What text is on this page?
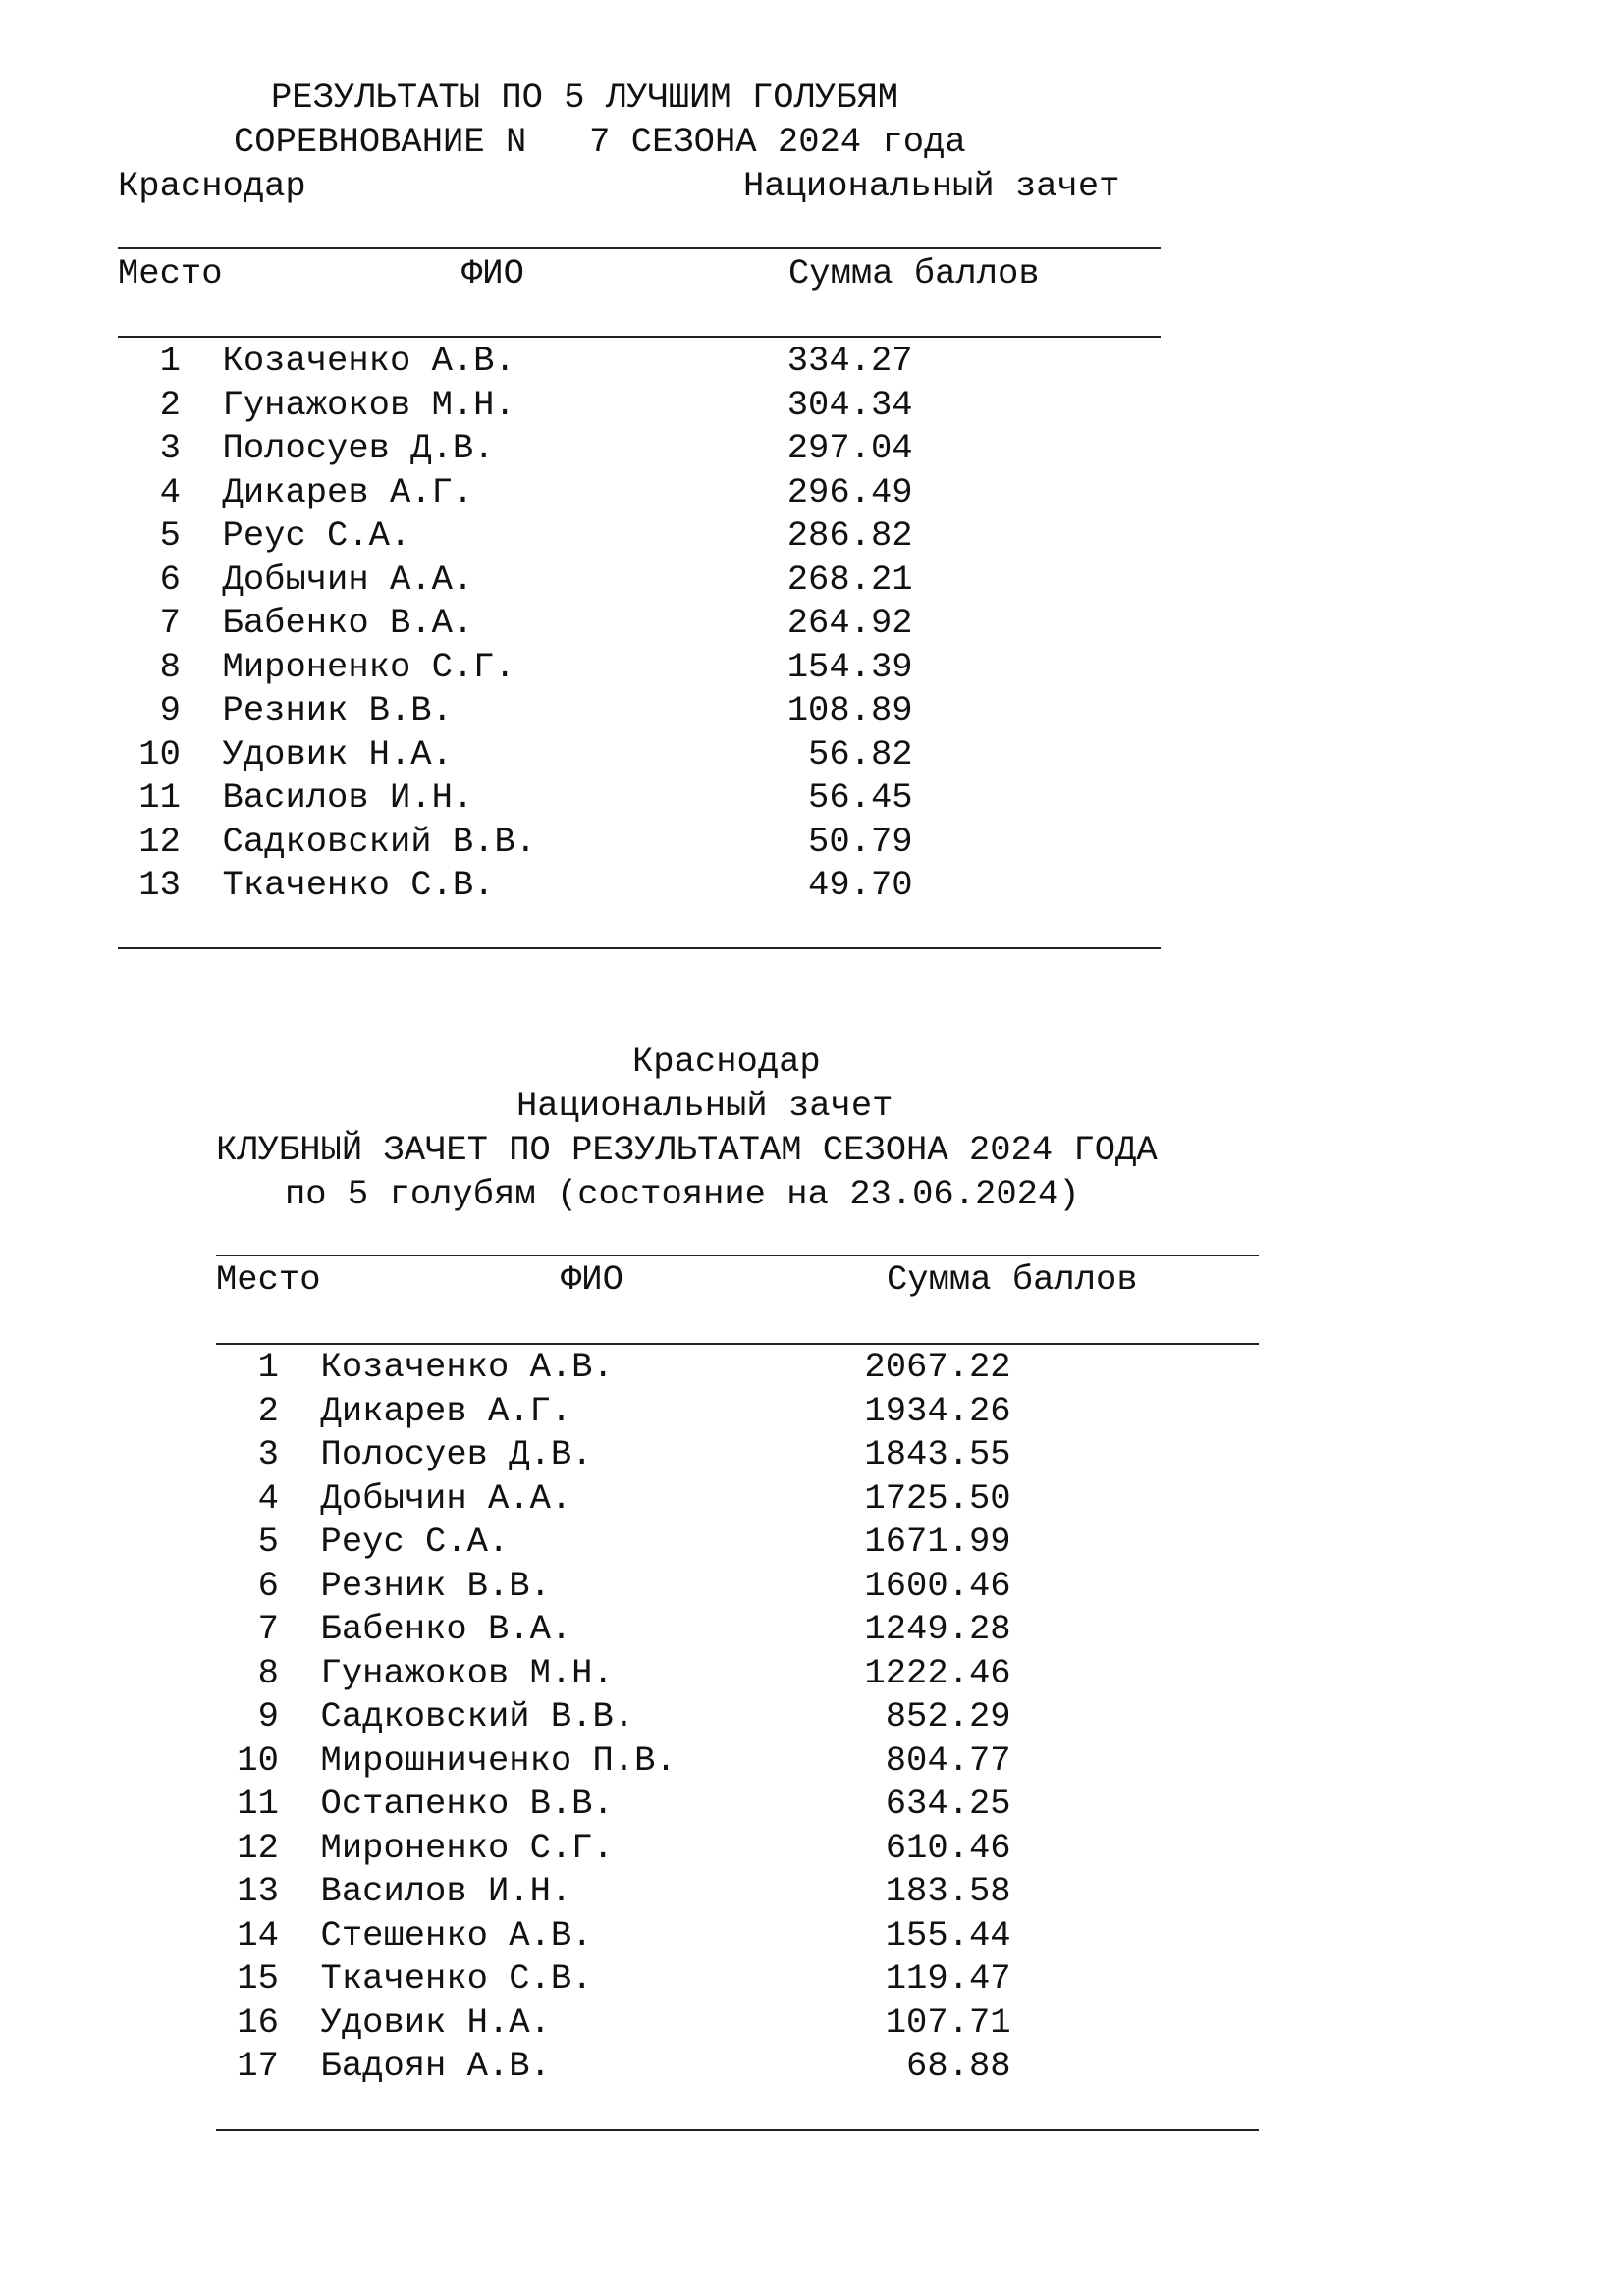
РЕЗУЛЬТАТЫ ПО 5 ЛУЧШИМ ГОЛУБЯМ
СОРЕВНОВАНИЕ N   7 СЕЗОНА 2024 года
Краснодар	Национальный зачет
Место	ФИО	Сумма баллов
1 Козаченко А.В.             334.27
2 Гунажоков М.Н.             304.34
3 Полосуев Д.В.              297.04
4 Дикарев А.Г.               296.49
5 Реус С.А.                  286.82
6 Добычин А.А.               268.21
7 Бабенко В.А.               264.92
8 Мироненко С.Г.             154.39
9 Резник В.В.                108.89
10 Удовик Н.А.                 56.82
11 Василов И.Н.                56.45
12 Садковский В.В.             50.79
13 Ткаченко С.В.               49.70
Краснодар
Национальный зачет
КЛУБНЫЙ ЗАЧЕТ ПО РЕЗУЛЬТАТАМ СЕЗОНА 2024 ГОДА
по 5 голубям (состояние на 23.06.2024)
Место	ФИО	Сумма баллов
1 Козаченко А.В.            2067.22
2 Дикарев А.Г.              1934.26
3 Полосуев Д.В.             1843.55
4 Добычин А.А.              1725.50
5 Реус С.А.                 1671.99
6 Резник В.В.               1600.46
7 Бабенко В.А.              1249.28
8 Гунажоков М.Н.            1222.46
9 Садковский В.В.            852.29
10 Мирошниченко П.В.          804.77
11 Остапенко В.В.             634.25
12 Мироненко С.Г.             610.46
13 Василов И.Н.               183.58
14 Стешенко А.В.              155.44
15 Ткаченко С.В.              119.47
16 Удовик Н.А.                107.71
17 Бадоян А.В.                 68.88
